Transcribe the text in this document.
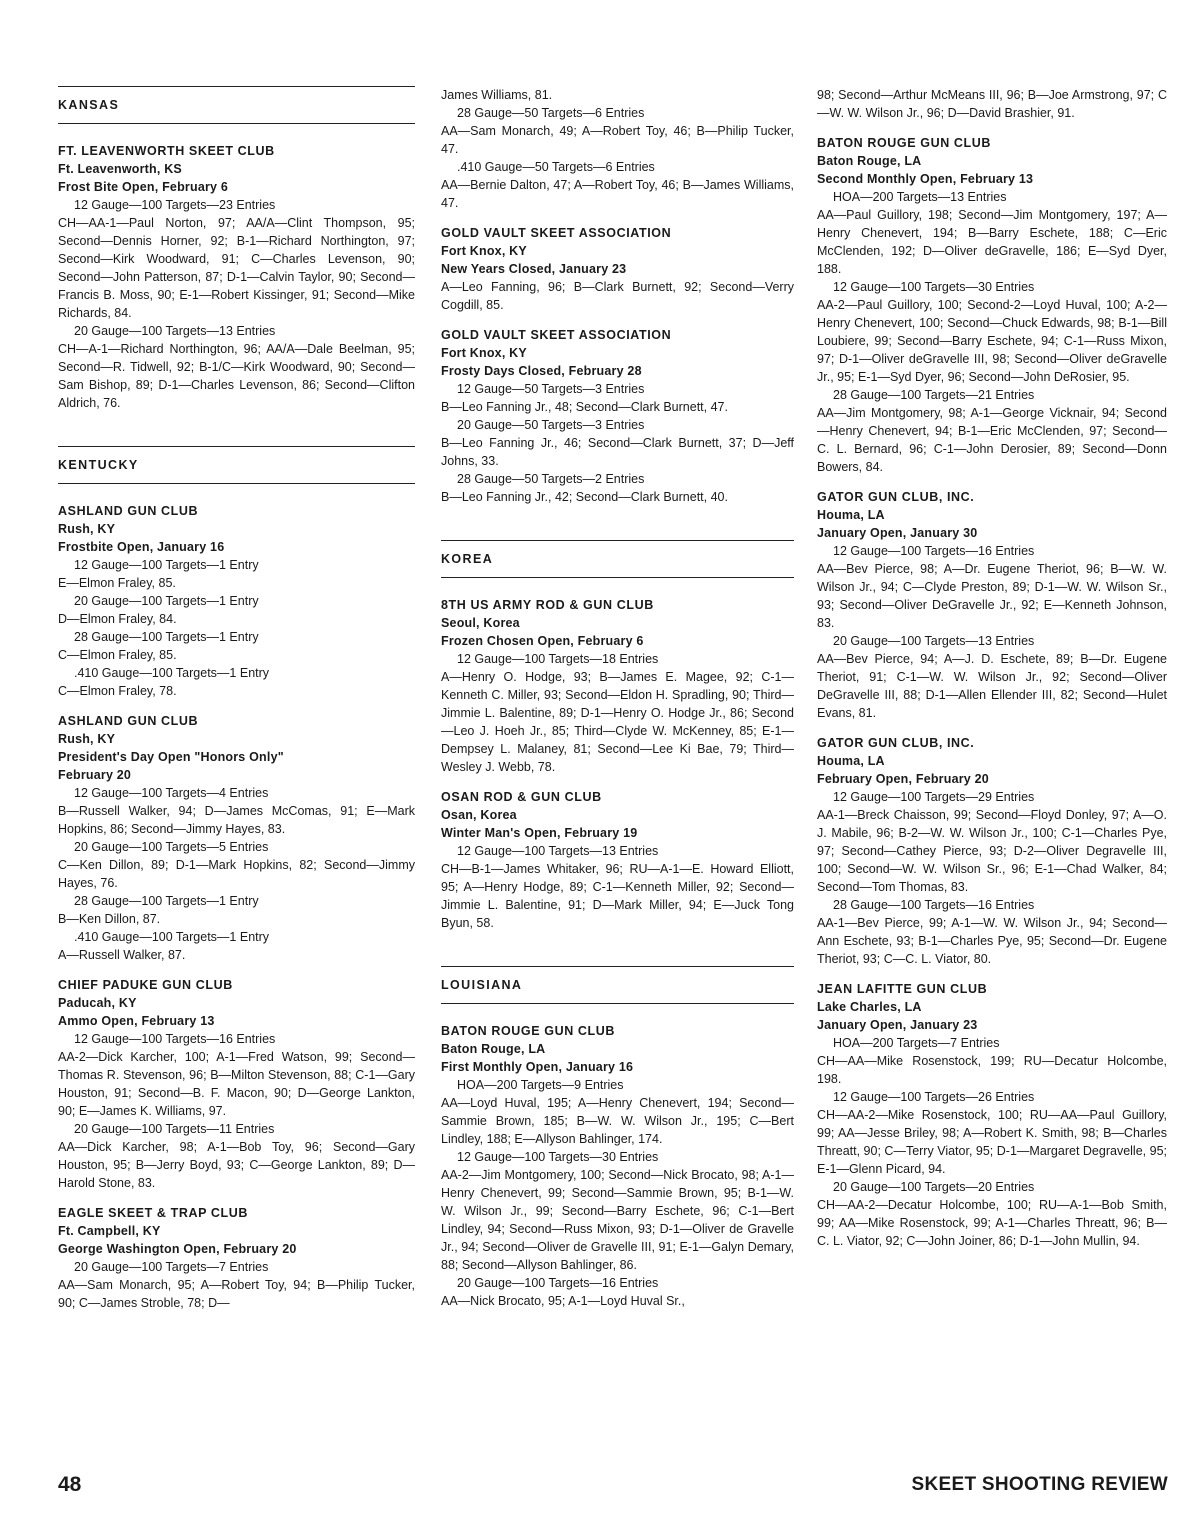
KANSAS

FT. LEAVENWORTH SKEET CLUB

Ft. Leavenworth, KS

Frost Bite Open, February 6

12 Gauge—100 Targets—23 Entries

CH—AA-1—Paul Norton, 97; AA/A—Clint Thompson, 95; Second—Dennis Horner, 92; B-1—Richard Northington, 97; Second—Kirk Woodward, 91; C—Charles Levenson, 90; Second—John Patterson, 87; D-1—Calvin Taylor, 90; Second—Francis B. Moss, 90; E-1—Robert Kissinger, 91; Second—Mike Richards, 84.

20 Gauge—100 Targets—13 Entries

CH—A-1—Richard Northington, 96; AA/A—Dale Beelman, 95; Second—R. Tidwell, 92; B-1/C—Kirk Woodward, 90; Second—Sam Bishop, 89; D-1—Charles Levenson, 86; Second—Clifton Aldrich, 76.

KENTUCKY

ASHLAND GUN CLUB

Rush, KY

Frostbite Open, January 16

12 Gauge—100 Targets—1 Entry

E—Elmon Fraley, 85.

20 Gauge—100 Targets—1 Entry

D—Elmon Fraley, 84.

28 Gauge—100 Targets—1 Entry

C—Elmon Fraley, 85.

.410 Gauge—100 Targets—1 Entry

C—Elmon Fraley, 78.

ASHLAND GUN CLUB

Rush, KY

President's Day Open "Honors Only"

February 20

12 Gauge—100 Targets—4 Entries

B—Russell Walker, 94; D—James McComas, 91; E—Mark Hopkins, 86; Second—Jimmy Hayes, 83.

20 Gauge—100 Targets—5 Entries

C—Ken Dillon, 89; D-1—Mark Hopkins, 82; Second—Jimmy Hayes, 76.

28 Gauge—100 Targets—1 Entry

B—Ken Dillon, 87.

.410 Gauge—100 Targets—1 Entry

A—Russell Walker, 87.

CHIEF PADUKE GUN CLUB

Paducah, KY

Ammo Open, February 13

12 Gauge—100 Targets—16 Entries

AA-2—Dick Karcher, 100; A-1—Fred Watson, 99; Second—Thomas R. Stevenson, 96; B—Milton Stevenson, 88; C-1—Gary Houston, 91; Second—B. F. Macon, 90; D—George Lankton, 90; E—James K. Williams, 97.

20 Gauge—100 Targets—11 Entries

AA—Dick Karcher, 98; A-1—Bob Toy, 96; Second—Gary Houston, 95; B—Jerry Boyd, 93; C—George Lankton, 89; D—Harold Stone, 83.

EAGLE SKEET & TRAP CLUB

Ft. Campbell, KY

George Washington Open, February 20

20 Gauge—100 Targets—7 Entries

AA—Sam Monarch, 95; A—Robert Toy, 94; B—Philip Tucker, 90; C—James Stroble, 78; D—

James Williams, 81.

28 Gauge—50 Targets—6 Entries

AA—Sam Monarch, 49; A—Robert Toy, 46; B—Philip Tucker, 47.

.410 Gauge—50 Targets—6 Entries

AA—Bernie Dalton, 47; A—Robert Toy, 46; B—James Williams, 47.

GOLD VAULT SKEET ASSOCIATION

Fort Knox, KY

New Years Closed, January 23

A—Leo Fanning, 96; B—Clark Burnett, 92; Second—Verry Cogdill, 85.

GOLD VAULT SKEET ASSOCIATION

Fort Knox, KY

Frosty Days Closed, February 28

12 Gauge—50 Targets—3 Entries

B—Leo Fanning Jr., 48; Second—Clark Burnett, 47.

20 Gauge—50 Targets—3 Entries

B—Leo Fanning Jr., 46; Second—Clark Burnett, 37; D—Jeff Johns, 33.

28 Gauge—50 Targets—2 Entries

B—Leo Fanning Jr., 42; Second—Clark Burnett, 40.

KOREA

8TH US ARMY ROD & GUN CLUB

Seoul, Korea

Frozen Chosen Open, February 6

12 Gauge—100 Targets—18 Entries

A—Henry O. Hodge, 93; B—James E. Magee, 92; C-1—Kenneth C. Miller, 93; Second—Eldon H. Spradling, 90; Third—Jimmie L. Balentine, 89; D-1—Henry O. Hodge Jr., 86; Second—Leo J. Hoeh Jr., 85; Third—Clyde W. McKenney, 85; E-1—Dempsey L. Malaney, 81; Second—Lee Ki Bae, 79; Third—Wesley J. Webb, 78.

OSAN ROD & GUN CLUB

Osan, Korea

Winter Man's Open, February 19

12 Gauge—100 Targets—13 Entries

CH—B-1—James Whitaker, 96; RU—A-1—E. Howard Elliott, 95; A—Henry Hodge, 89; C-1—Kenneth Miller, 92; Second—Jimmie L. Balentine, 91; D—Mark Miller, 94; E—Juck Tong Byun, 58.

LOUISIANA

BATON ROUGE GUN CLUB

Baton Rouge, LA

First Monthly Open, January 16

HOA—200 Targets—9 Entries

AA—Loyd Huval, 195; A—Henry Chenevert, 194; Second—Sammie Brown, 185; B—W. W. Wilson Jr., 195; C—Bert Lindley, 188; E—Allyson Bahlinger, 174.

12 Gauge—100 Targets—30 Entries

AA-2—Jim Montgomery, 100; Second—Nick Brocato, 98; A-1—Henry Chenevert, 99; Second—Sammie Brown, 95; B-1—W. W. Wilson Jr., 99; Second—Barry Eschete, 96; C-1—Bert Lindley, 94; Second—Russ Mixon, 93; D-1—Oliver de Gravelle Jr., 94; Second—Oliver de Gravelle III, 91; E-1—Galyn Demary, 88; Second—Allyson Bahlinger, 86.

20 Gauge—100 Targets—16 Entries

AA—Nick Brocato, 95; A-1—Loyd Huval Sr.,

98; Second—Arthur McMeans III, 96; B—Joe Armstrong, 97; C—W. W. Wilson Jr., 96; D—David Brashier, 91.

BATON ROUGE GUN CLUB

Baton Rouge, LA

Second Monthly Open, February 13

HOA—200 Targets—13 Entries

AA—Paul Guillory, 198; Second—Jim Montgomery, 197; A—Henry Chenevert, 194; B—Barry Eschete, 188; C—Eric McClenden, 192; D—Oliver deGravelle, 186; E—Syd Dyer, 188.

12 Gauge—100 Targets—30 Entries

AA-2—Paul Guillory, 100; Second-2—Loyd Huval, 100; A-2—Henry Chenevert, 100; Second—Chuck Edwards, 98; B-1—Bill Loubiere, 99; Second—Barry Eschete, 94; C-1—Russ Mixon, 97; D-1—Oliver deGravelle III, 98; Second—Oliver deGravelle Jr., 95; E-1—Syd Dyer, 96; Second—John DeRosier, 95.

28 Gauge—100 Targets—21 Entries

AA—Jim Montgomery, 98; A-1—George Vicknair, 94; Second—Henry Chenevert, 94; B-1—Eric McClenden, 97; Second—C. L. Bernard, 96; C-1—John Derosier, 89; Second—Donn Bowers, 84.

GATOR GUN CLUB, INC.

Houma, LA

January Open, January 30

12 Gauge—100 Targets—16 Entries

AA—Bev Pierce, 98; A—Dr. Eugene Theriot, 96; B—W. W. Wilson Jr., 94; C—Clyde Preston, 89; D-1—W. W. Wilson Sr., 93; Second—Oliver DeGravelle Jr., 92; E—Kenneth Johnson, 83.

20 Gauge—100 Targets—13 Entries

AA—Bev Pierce, 94; A—J. D. Eschete, 89; B—Dr. Eugene Theriot, 91; C-1—W. W. Wilson Jr., 92; Second—Oliver DeGravelle III, 88; D-1—Allen Ellender III, 82; Second—Hulet Evans, 81.

GATOR GUN CLUB, INC.

Houma, LA

February Open, February 20

12 Gauge—100 Targets—29 Entries

AA-1—Breck Chaisson, 99; Second—Floyd Donley, 97; A—O. J. Mabile, 96; B-2—W. W. Wilson Jr., 100; C-1—Charles Pye, 97; Second—Cathey Pierce, 93; D-2—Oliver Degravelle III, 100; Second—W. W. Wilson Sr., 96; E-1—Chad Walker, 84; Second—Tom Thomas, 83.

28 Gauge—100 Targets—16 Entries

AA-1—Bev Pierce, 99; A-1—W. W. Wilson Jr., 94; Second—Ann Eschete, 93; B-1—Charles Pye, 95; Second—Dr. Eugene Theriot, 93; C—C. L. Viator, 80.

JEAN LAFITTE GUN CLUB

Lake Charles, LA

January Open, January 23

HOA—200 Targets—7 Entries

CH—AA—Mike Rosenstock, 199; RU—Decatur Holcombe, 198.

12 Gauge—100 Targets—26 Entries

CH—AA-2—Mike Rosenstock, 100; RU—AA—Paul Guillory, 99; AA—Jesse Briley, 98; A—Robert K. Smith, 98; B—Charles Threatt, 90; C—Terry Viator, 95; D-1—Margaret Degravelle, 95; E-1—Glenn Picard, 94.

20 Gauge—100 Targets—20 Entries

CH—AA-2—Decatur Holcombe, 100; RU—A-1—Bob Smith, 99; AA—Mike Rosenstock, 99; A-1—Charles Threatt, 96; B—C. L. Viator, 92; C—John Joiner, 86; D-1—John Mullin, 94.

48	SKEET SHOOTING REVIEW
